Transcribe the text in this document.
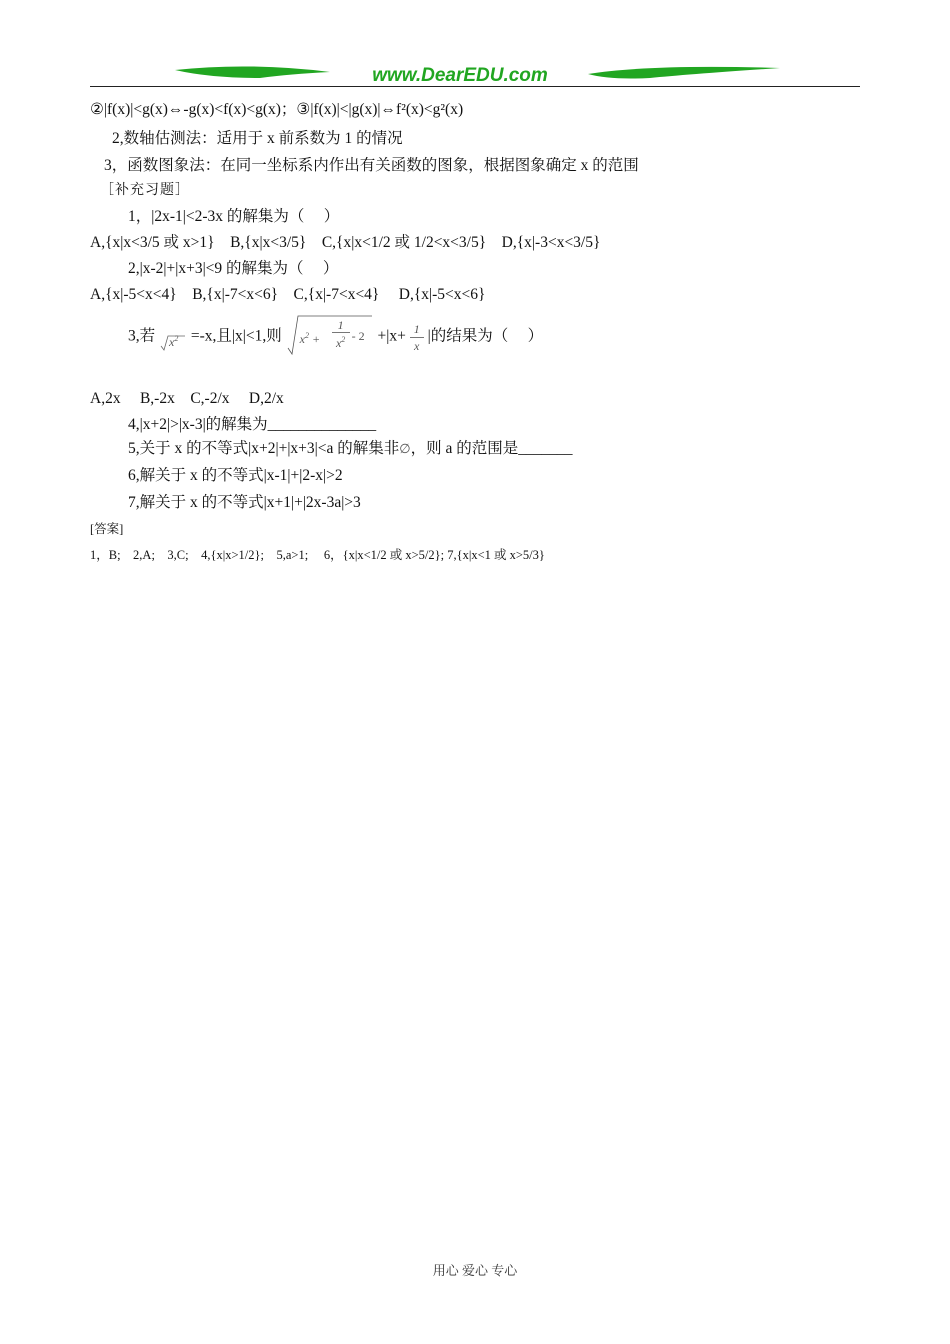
www.DearEDU.com
②|f(x)|<g(x)⇔-g(x)<f(x)<g(x)；③|f(x)|<|g(x)|⇔f²(x)<g²(x)
2,数轴估测法：适用于 x 前系数为 1 的情况
3，函数图象法：在同一坐标系内作出有关函数的图象，根据图象确定 x 的范围
［补充习题］
1，|2x-1|<2-3x 的解集为（　 ）
A,{x|x<3/5 或 x>1}　B,{x|x<3/5}　C,{x|x<1/2 或 1/2<x<3/5}　D,{x|-3<x<3/5}
2,|x-2|+|x+3|<9 的解集为（　 ）
A,{x|-5<x<4}　B,{x|-7<x<6}　C,{x|-7<x<4}　 D,{x|-5<x<6}
3,若 $x^2 =-x$,且|x|<1,则 $x^2$ +
1
$x^2 - 2 +|x+ \frac{1}{x}$ |的结果为（　 ）
A,2x　 B,-2x　C,-2/x　 D,2/x
4,|x+2|>|x-3|的解集为______________
5,关于 x 的不等式|x+2|+|x+3|<a 的解集非∅，则 a 的范围是_______
6,解关于 x 的不等式|x-1|+|2-x|>2
7,解关于 x 的不等式|x+1|+|2x-3a|>3
[答案]
1，B;　2,A;　3,C;　4,{x|x>1/2};　5,a>1;　 6，{x|x<1/2 或 x>5/2}; 7,{x|x<1 或 x>5/3}
用心 爱心 专心
